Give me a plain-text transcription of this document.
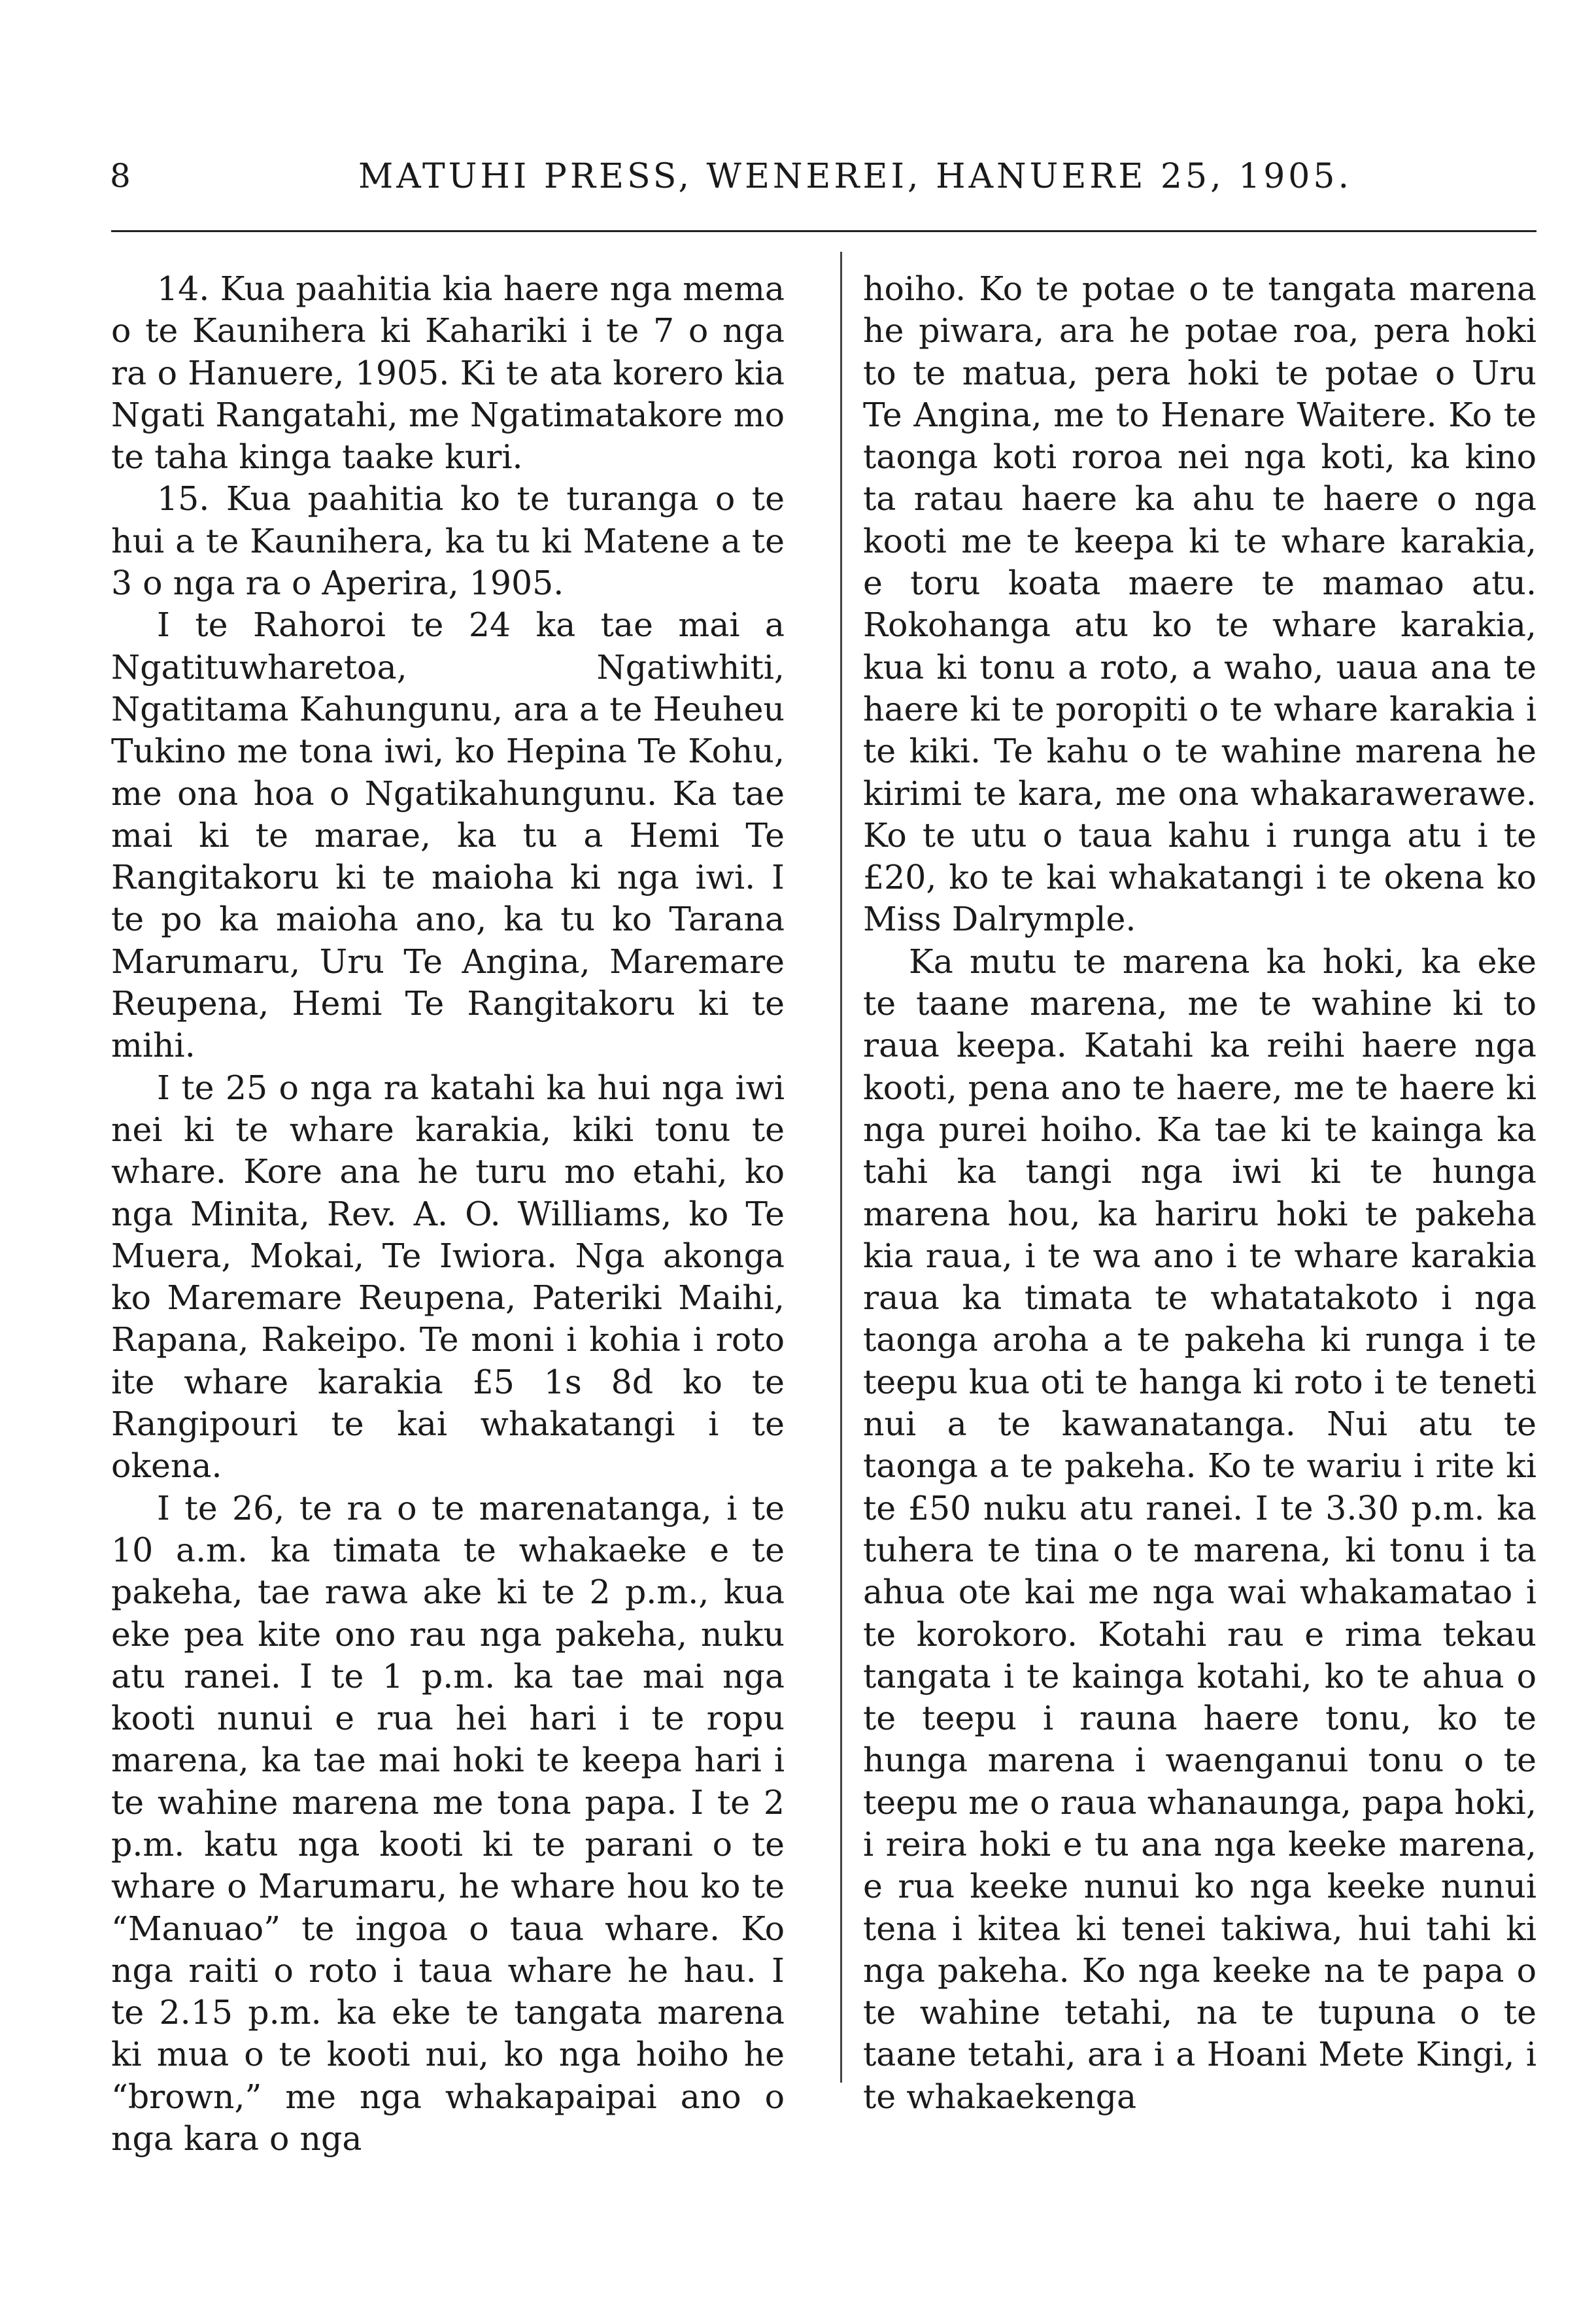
8	MATUHI PRESS, WENEREI, HANUERE 25, 1905.

14. Kua paahitia kia haere nga mema o te Kaunihera ki Kahariki i te 7 o nga ra o Hanuere, 1905. Ki te ata korero kia Ngati Rangatahi, me Ngatimatakore mo te taha kinga taake kuri.

15. Kua paahitia ko te turanga o te hui a te Kaunihera, ka tu ki Matene a te 3 o nga ra o Aperira, 1905.

I te Rahoroi te 24 ka tae mai a Ngatituwharetoa, Ngatiwhiti, Ngatitama Kahungunu, ara a te Heuheu Tukino me tona iwi, ko Hepina Te Kohu, me ona hoa o Ngatikahungunu. Ka tae mai ki te marae, ka tu a Hemi Te Rangitakoru ki te maioha ki nga iwi. I te po ka maioha ano, ka tu ko Tarana Marumaru, Uru Te Angina, Maremare Reupena, Hemi Te Rangitakoru ki te mihi.

I te 25 o nga ra katahi ka hui nga iwi nei ki te whare karakia, kiki tonu te whare. Kore ana he turu mo etahi, ko nga Minita, Rev. A. O. Williams, ko Te Muera, Mokai, Te Iwiora. Nga akonga ko Maremare Reupena, Pateriki Maihi, Rapana, Rakeipo. Te moni i kohia i roto ite whare karakia £5 1s 8d ko te Rangipouri te kai whakatangi i te okena.

I te 26, te ra o te marenatanga, i te 10 a.m. ka timata te whakaeke e te pakeha, tae rawa ake ki te 2 p.m., kua eke pea kite ono rau nga pakeha, nuku atu ranei. I te 1 p.m. ka tae mai nga kooti nunui e rua hei hari i te ropu marena, ka tae mai hoki te keepa hari i te wahine marena me tona papa. I te 2 p.m. katu nga kooti ki te parani o te whare o Marumaru, he whare hou ko te “Manuao” te ingoa o taua whare. Ko nga raiti o roto i taua whare he hau. I te 2.15 p.m. ka eke te tangata marena ki mua o te kooti nui, ko nga hoiho he “brown,” me nga whakapaipai ano o nga kara o nga

hoiho. Ko te potae o te tangata marena he piwara, ara he potae roa, pera hoki to te matua, pera hoki te potae o Uru Te Angina, me to Henare Waitere. Ko te taonga koti roroa nei nga koti, ka kino ta ratau haere ka ahu te haere o nga kooti me te keepa ki te whare karakia, e toru koata maere te mamao atu. Rokohanga atu ko te whare karakia, kua ki tonu a roto, a waho, uaua ana te haere ki te poropiti o te whare karakia i te kiki. Te kahu o te wahine marena he kirimi te kara, me ona whakarawerawe. Ko te utu o taua kahu i runga atu i te £20, ko te kai whakatangi i te okena ko Miss Dalrymple.

Ka mutu te marena ka hoki, ka eke te taane marena, me te wahine ki to raua keepa. Katahi ka reihi haere nga kooti, pena ano te haere, me te haere ki nga purei hoiho. Ka tae ki te kainga ka tahi ka tangi nga iwi ki te hunga marena hou, ka hariru hoki te pakeha kia raua, i te wa ano i te whare karakia raua ka timata te whatatakoto i nga taonga aroha a te pakeha ki runga i te teepu kua oti te hanga ki roto i te teneti nui a te kawanatanga. Nui atu te taonga a te pakeha. Ko te wariu i rite ki te £50 nuku atu ranei. I te 3.30 p.m. ka tuhera te tina o te marena, ki tonu i ta ahua ote kai me nga wai whakamatao i te korokoro. Kotahi rau e rima tekau tangata i te kainga kotahi, ko te ahua o te teepu i rauna haere tonu, ko te hunga marena i waenganui tonu o te teepu me o raua whanaunga, papa hoki, i reira hoki e tu ana nga keeke marena, e rua keeke nunui ko nga keeke nunui tena i kitea ki tenei takiwa, hui tahi ki nga pakeha. Ko nga keeke na te papa o te wahine tetahi, na te tupuna o te taane tetahi, ara i a Hoani Mete Kingi, i te whakaekenga
